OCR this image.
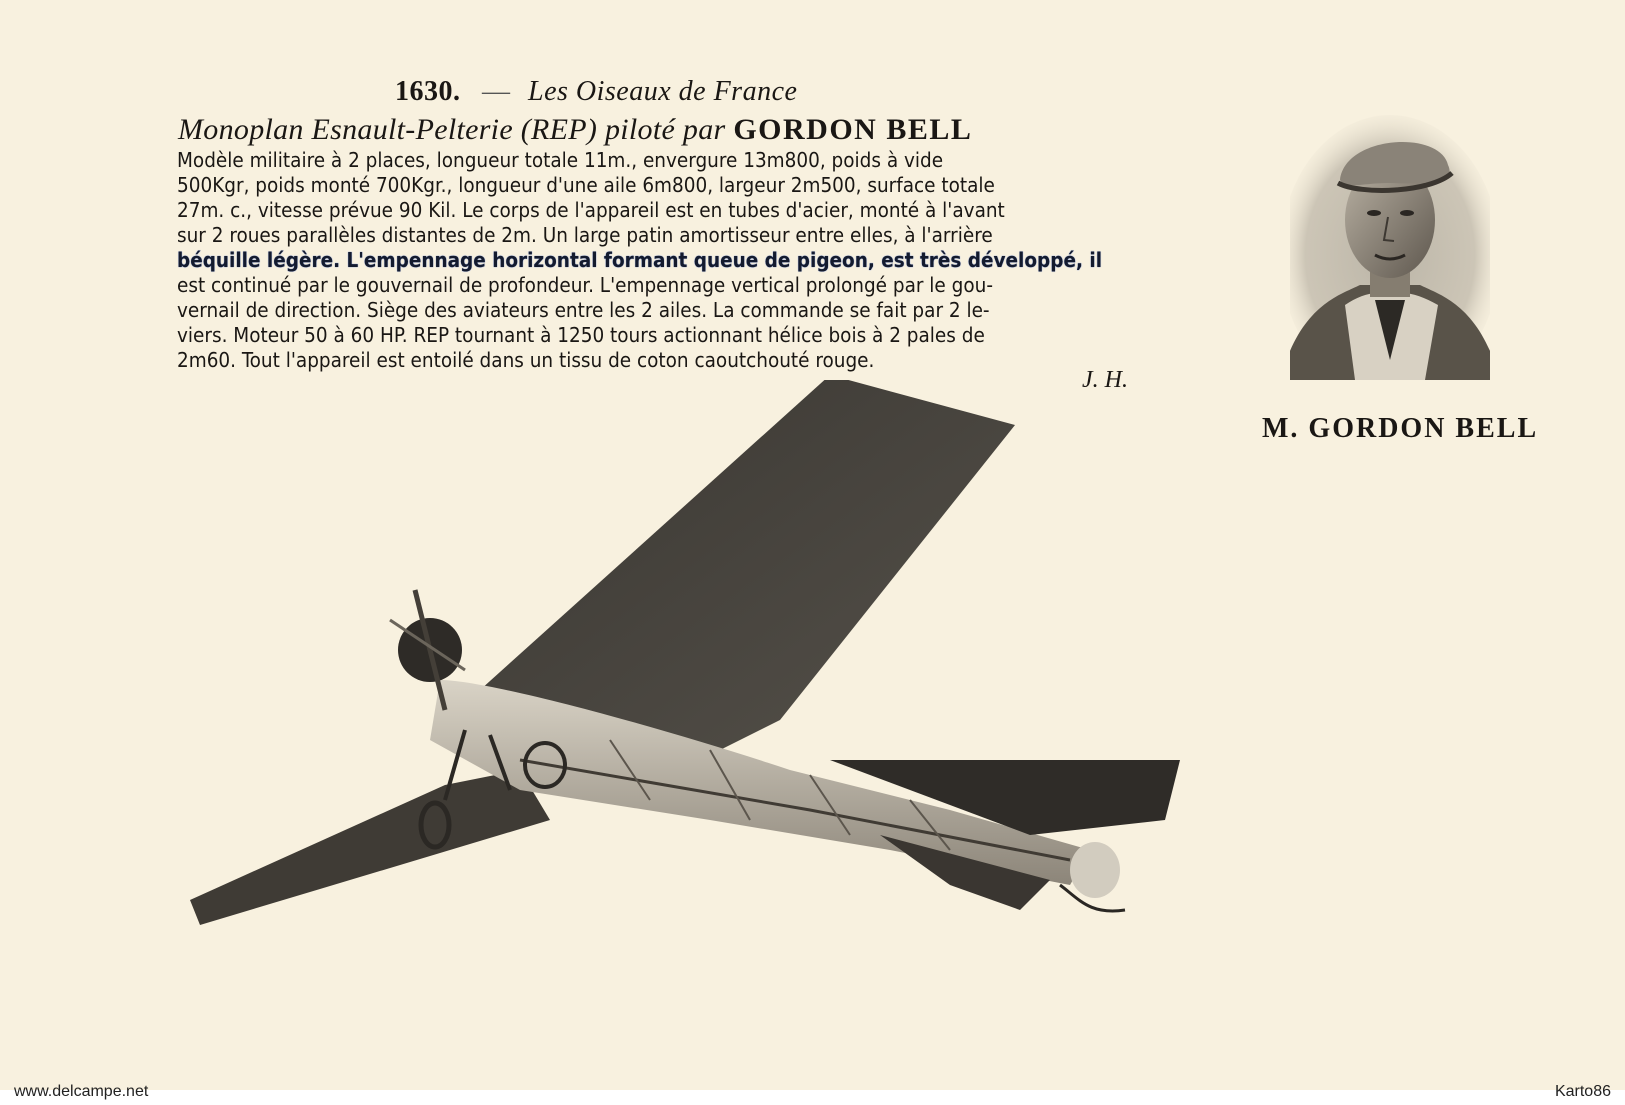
1630. — Les Oiseaux de France
Monoplan Esnault-Pelterie (REP) piloté par GORDON BELL
Modèle militaire à 2 places, longueur totale 11m., envergure 13m800, poids à vide
500Kgr, poids monté 700Kgr., longueur d'une aile 6m800, largeur 2m500, surface totale
27m. c., vitesse prévue 90 Kil. Le corps de l'appareil est en tubes d'acier, monté à l'avant
sur 2 roues parallèles distantes de 2m. Un large patin amortisseur entre elles, à l'arrière
béquille légère. L'empennage horizontal formant queue de pigeon, est très développé, il
est continué par le gouvernail de profondeur. L'empennage vertical prolongé par le gou-
vernail de direction. Siège des aviateurs entre les 2 ailes. La commande se fait par 2 le-
viers. Moteur 50 à 60 HP. REP tournant à 1250 tours actionnant hélice bois à 2 pales de
2m60. Tout l'appareil est entoilé dans un tissu de coton caoutchouté rouge.
J. H.
M. GORDON BELL
www.delcampe.net	Karto86
